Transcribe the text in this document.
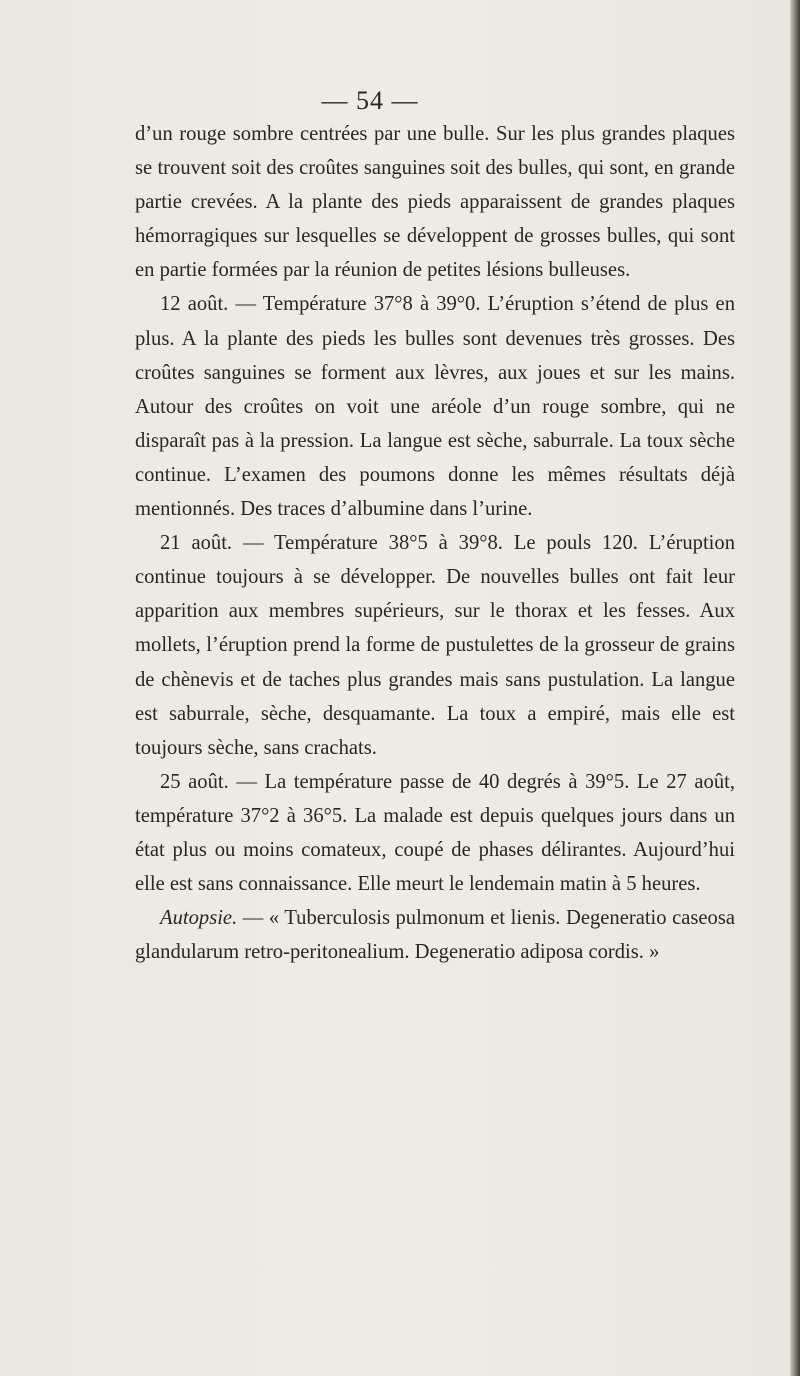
— 54 —

d’un rouge sombre centrées par une bulle. Sur les plus grandes plaques se trouvent soit des croûtes sanguines soit des bulles, qui sont, en grande partie crevées. A la plante des pieds apparaissent de grandes plaques hémorragiques sur lesquelles se développent de grosses bulles, qui sont en partie formées par la réunion de petites lésions bulleuses.

12 août. — Température 37°8 à 39°0. L’éruption s’étend de plus en plus. A la plante des pieds les bulles sont devenues très grosses. Des croûtes sanguines se forment aux lèvres, aux joues et sur les mains. Autour des croûtes on voit une aréole d’un rouge sombre, qui ne disparaît pas à la pression. La langue est sèche, saburrale. La toux sèche continue. L’examen des poumons donne les mêmes résultats déjà mentionnés. Des traces d’albumine dans l’urine.

21 août. — Température 38°5 à 39°8. Le pouls 120. L’éruption continue toujours à se développer. De nouvelles bulles ont fait leur apparition aux membres supérieurs, sur le thorax et les fesses. Aux mollets, l’éruption prend la forme de pustulettes de la grosseur de grains de chènevis et de taches plus grandes mais sans pustulation. La langue est saburrale, sèche, desquamante. La toux a empiré, mais elle est toujours sèche, sans crachats.

25 août. — La température passe de 40 degrés à 39°5. Le 27 août, température 37°2 à 36°5. La malade est depuis quelques jours dans un état plus ou moins comateux, coupé de phases délirantes. Aujourd’hui elle est sans connaissance. Elle meurt le lendemain matin à 5 heures.

Autopsie. — « Tuberculosis pulmonum et lienis. Degeneratio caseosa glandularum retro-peritonealium. Degeneratio adiposa cordis. »
